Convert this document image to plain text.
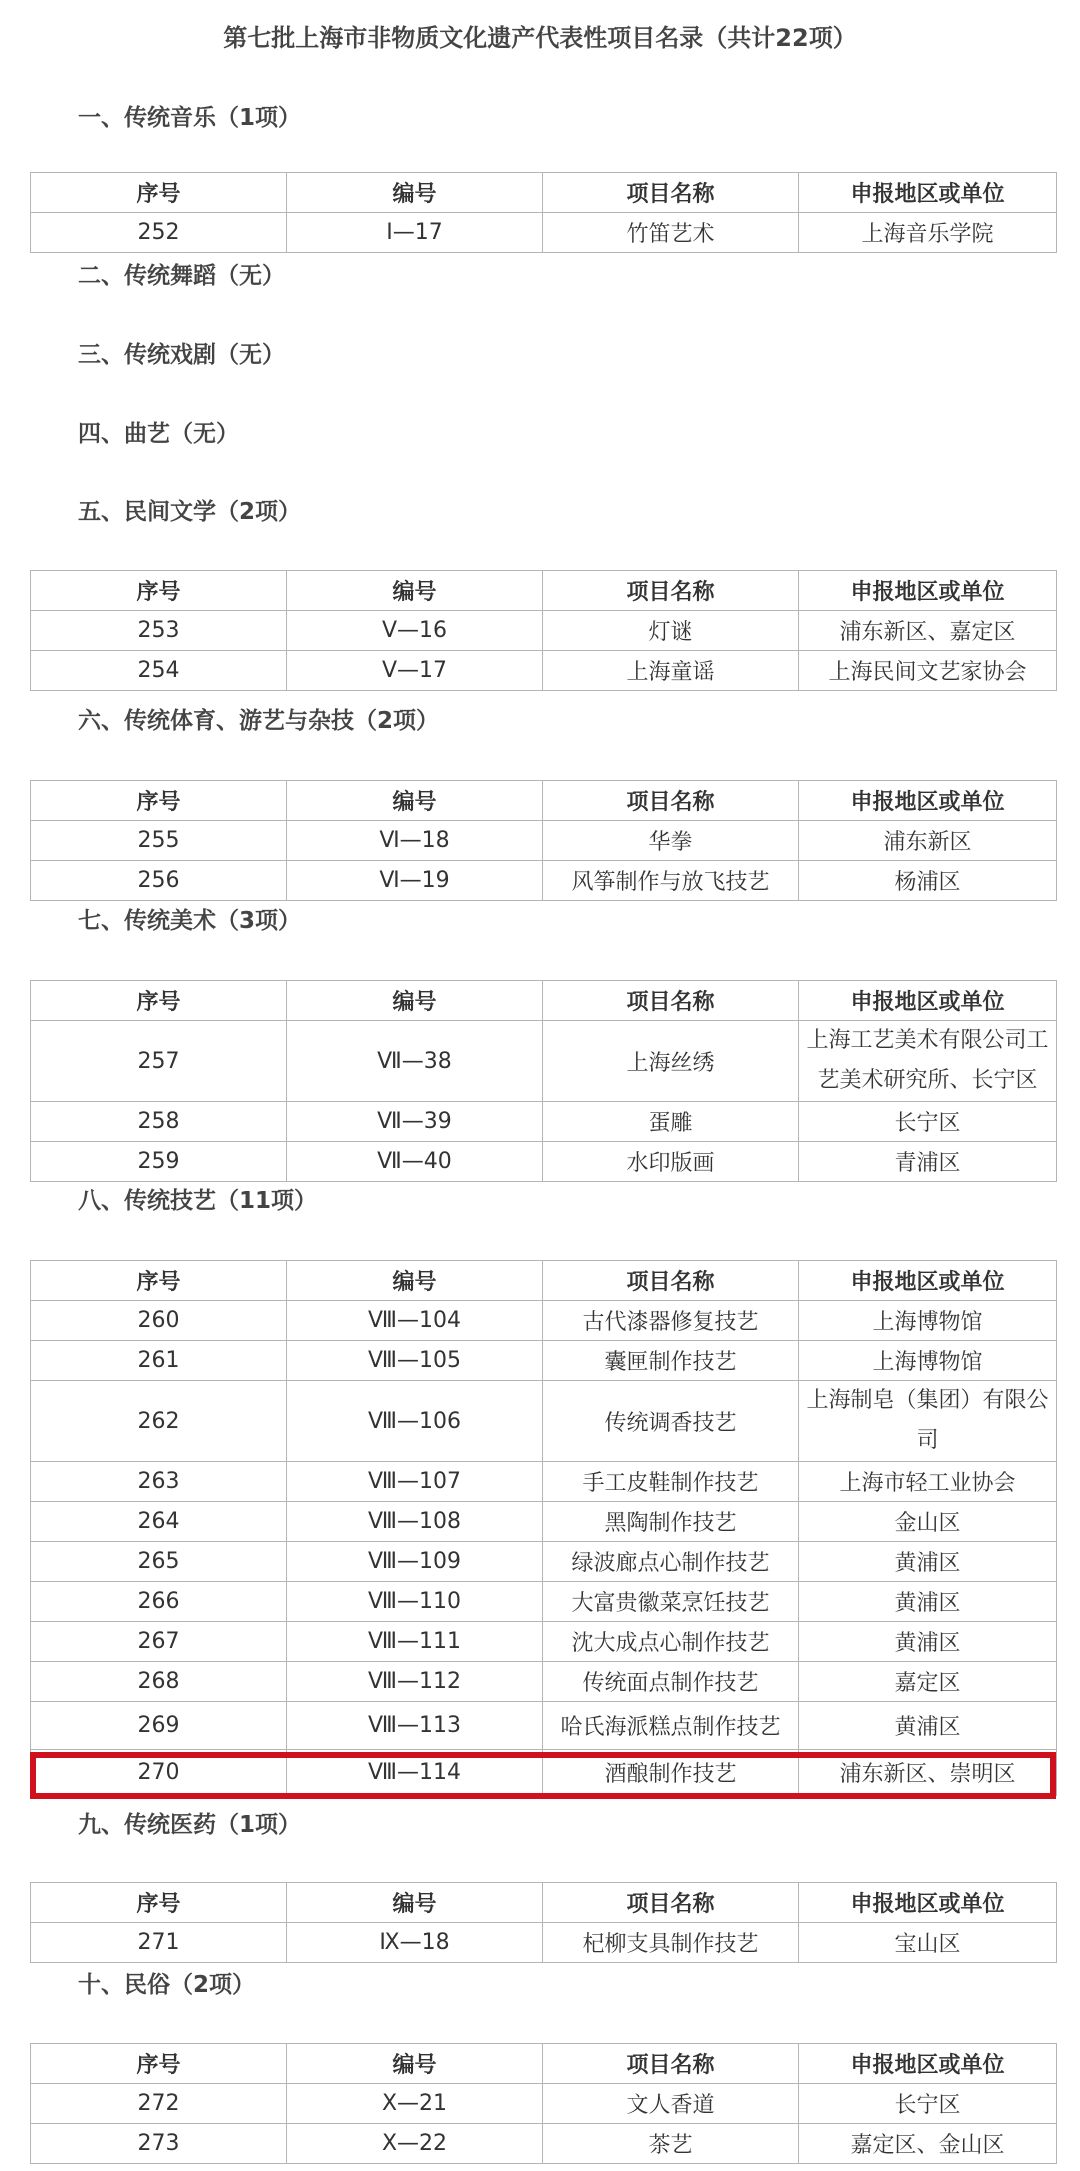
第七批上海市非物质文化遗产代表性项目名录（共计22项）
一、传统音乐（1项）
序号	编号	项目名称	申报地区或单位
252	Ⅰ—17	竹笛艺术	上海音乐学院
二、传统舞蹈（无）
三、传统戏剧（无）
四、曲艺（无）
五、民间文学（2项）
序号	编号	项目名称	申报地区或单位
253	Ⅴ—16	灯谜	浦东新区、嘉定区
254	Ⅴ—17	上海童谣	上海民间文艺家协会
六、传统体育、游艺与杂技（2项）
序号	编号	项目名称	申报地区或单位
255	Ⅵ—18	华拳	浦东新区
256	Ⅵ—19	风筝制作与放飞技艺	杨浦区
七、传统美术（3项）
序号	编号	项目名称	申报地区或单位
257	Ⅶ—38	上海丝绣	上海工艺美术有限公司工艺美术研究所、长宁区
258	Ⅶ—39	蛋雕	长宁区
259	Ⅶ—40	水印版画	青浦区
八、传统技艺（11项）
序号	编号	项目名称	申报地区或单位
260	Ⅷ—104	古代漆器修复技艺	上海博物馆
261	Ⅷ—105	囊匣制作技艺	上海博物馆
262	Ⅷ—106	传统调香技艺	上海制皂（集团）有限公司
263	Ⅷ—107	手工皮鞋制作技艺	上海市轻工业协会
264	Ⅷ—108	黑陶制作技艺	金山区
265	Ⅷ—109	绿波廊点心制作技艺	黄浦区
266	Ⅷ—110	大富贵徽菜烹饪技艺	黄浦区
267	Ⅷ—111	沈大成点心制作技艺	黄浦区
268	Ⅷ—112	传统面点制作技艺	嘉定区
269	Ⅷ—113	哈氏海派糕点制作技艺	黄浦区
270	Ⅷ—114	酒酿制作技艺	浦东新区、崇明区
九、传统医药（1项）
序号	编号	项目名称	申报地区或单位
271	Ⅸ—18	杞柳支具制作技艺	宝山区
十、民俗（2项）
序号	编号	项目名称	申报地区或单位
272	Ⅹ—21	文人香道	长宁区
273	Ⅹ—22	茶艺	嘉定区、金山区
